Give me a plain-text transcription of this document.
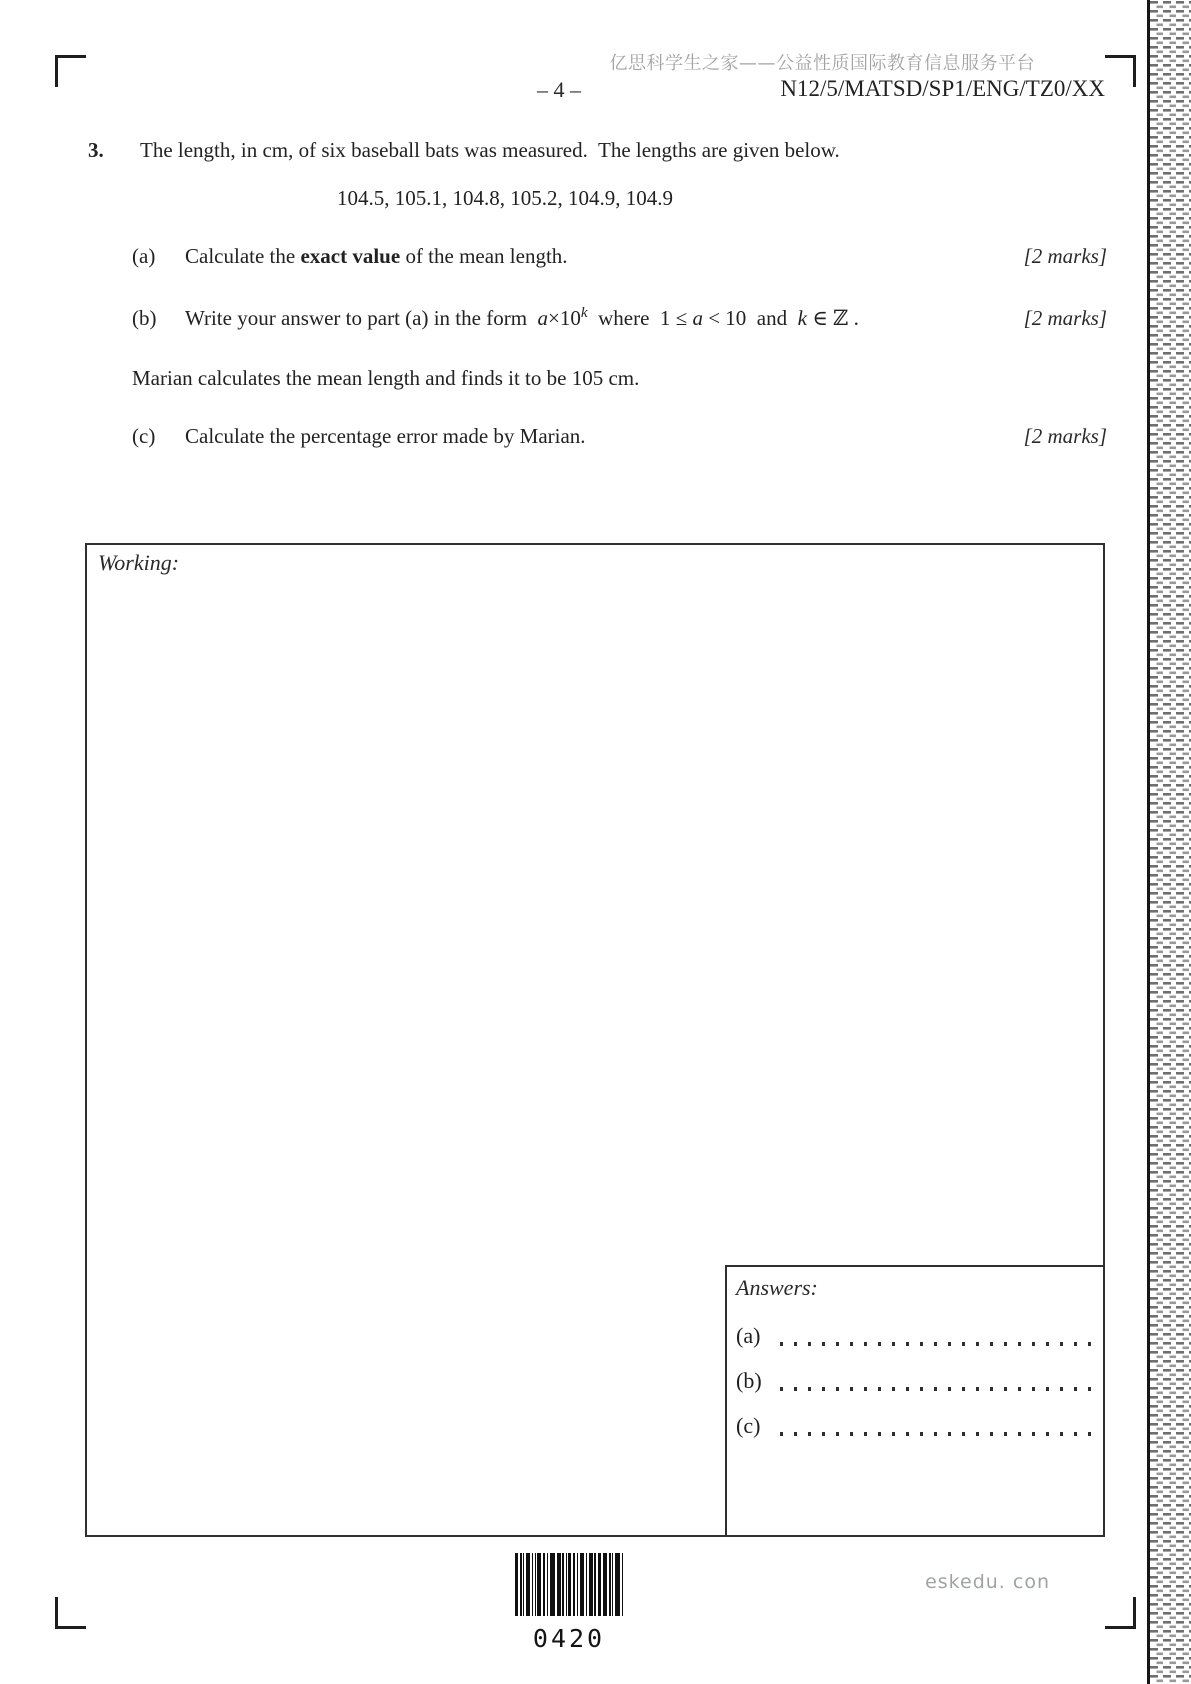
亿思科学生之家——公益性质国际教育信息服务平台
– 4 –	N12/5/MATSD/SP1/ENG/TZ0/XX
3. The length, in cm, of six baseball bats was measured.  The lengths are given below.
104.5, 105.1, 104.8, 105.2, 104.9, 104.9
(a) Calculate the exact value of the mean length.	[2 marks]
(b) Write your answer to part (a) in the form  $a\times 10^k$  where  1 ≤ a < 10  and  k ∈ ℤ .	[2 marks]
Marian calculates the mean length and finds it to be 105 cm.
(c) Calculate the percentage error made by Marian.	[2 marks]
Working:
Answers:
(a)
(b)
(c)
0420
eskedu. con
